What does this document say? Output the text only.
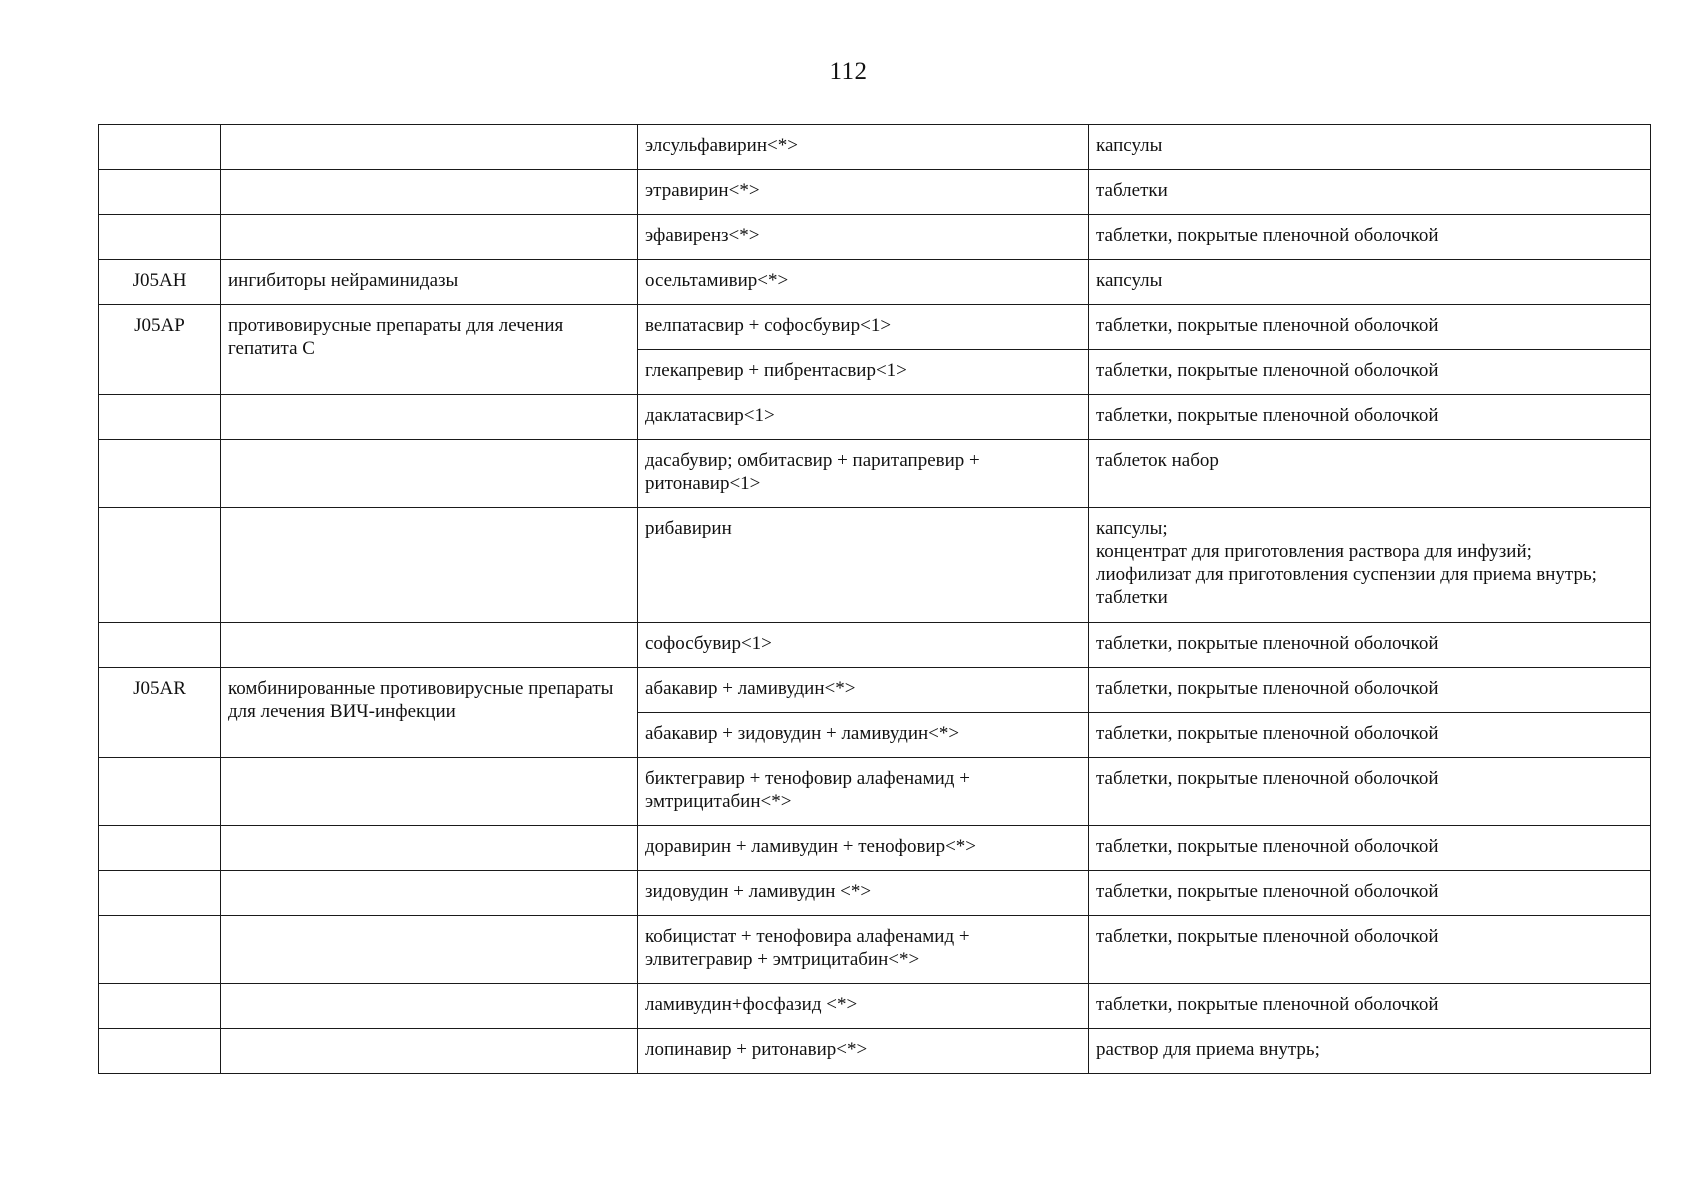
112
		элсульфавирин<*>	капсулы
		этравирин<*>	таблетки
		эфавиренз<*>	таблетки, покрытые пленочной оболочкой
J05AH	ингибиторы нейраминидазы	осельтамивир<*>	капсулы
J05AP	противовирусные препараты для лечения гепатита С	велпатасвир + софосбувир<1>	таблетки, покрытые пленочной оболочкой
		глекапревир + пибрентасвир<1>	таблетки, покрытые пленочной оболочкой
		даклатасвир<1>	таблетки, покрытые пленочной оболочкой
		дасабувир; омбитасвир + паритапревир +
ритонавир<1>	таблеток набор
		рибавирин	капсулы;
концентрат для приготовления раствора для инфузий;
лиофилизат для приготовления суспензии для приема внутрь;
таблетки
		софосбувир<1>	таблетки, покрытые пленочной оболочкой
J05AR	комбинированные противовирусные препараты для лечения ВИЧ-инфекции	абакавир + ламивудин<*>	таблетки, покрытые пленочной оболочкой
		абакавир + зидовудин + ламивудин<*>	таблетки, покрытые пленочной оболочкой
		биктегравир + тенофовир алафенамид +
эмтрицитабин<*>	таблетки, покрытые пленочной оболочкой
		доравирин + ламивудин + тенофовир<*>	таблетки, покрытые пленочной оболочкой
		зидовудин + ламивудин <*>	таблетки, покрытые пленочной оболочкой
		кобицистат + тенофовира алафенамид +
элвитегравир + эмтрицитабин<*>	таблетки, покрытые пленочной оболочкой
		ламивудин+фосфазид <*>	таблетки, покрытые пленочной оболочкой
		лопинавир + ритонавир<*>	раствор для приема внутрь;
